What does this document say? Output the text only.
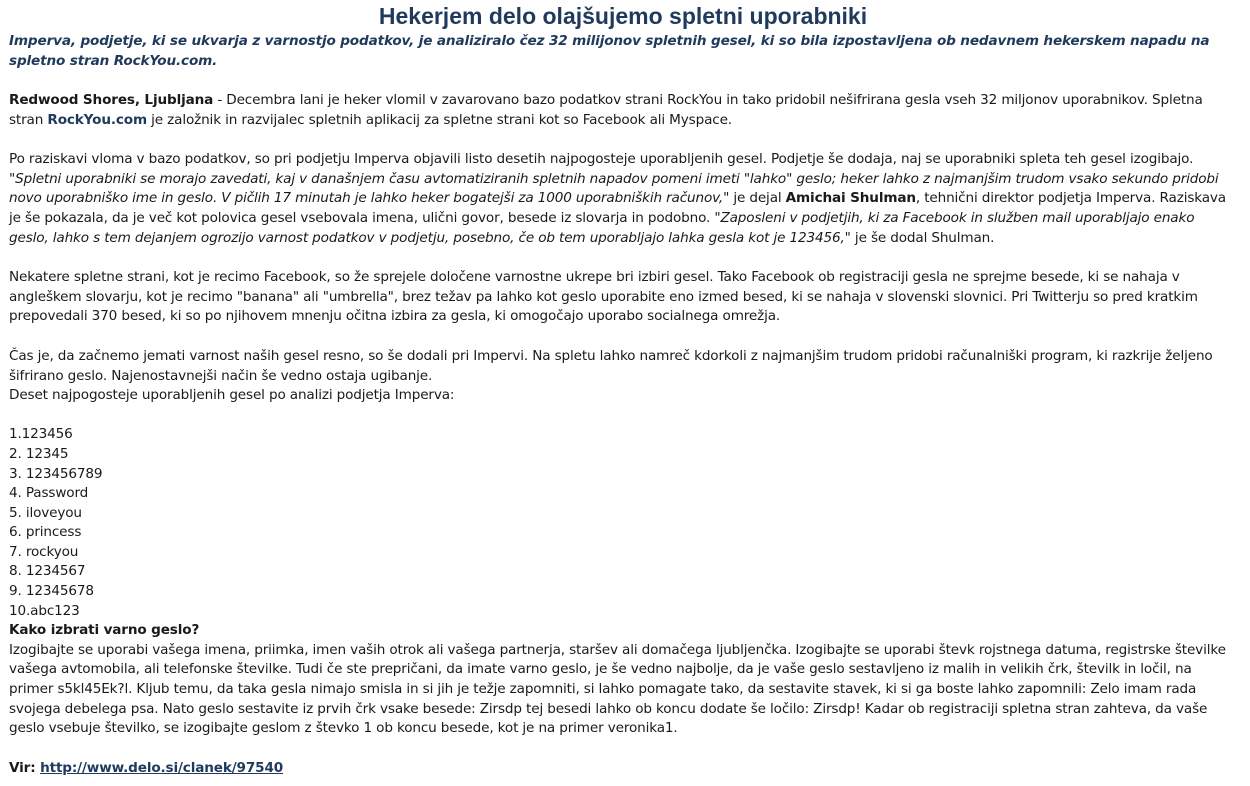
Hekerjem delo olajšujemo spletni uporabniki

Imperva, podjetje, ki se ukvarja z varnostjo podatkov, je analiziralo čez 32 milijonov spletnih gesel, ki so bila izpostavljena ob nedavnem hekerskem napadu na spletno stran RockYou.com.

Redwood Shores, Ljubljana - Decembra lani je heker vlomil v zavarovano bazo podatkov strani RockYou in tako pridobil nešifrirana gesla vseh 32 miljonov uporabnikov. Spletna stran RockYou.com je založnik in razvijalec spletnih aplikacij za spletne strani kot so Facebook ali Myspace.

Po raziskavi vloma v bazo podatkov, so pri podjetju Imperva objavili listo desetih najpogosteje uporabljenih gesel. Podjetje še dodaja, naj se uporabniki spleta teh gesel izogibajo. "Spletni uporabniki se morajo zavedati, kaj v današnjem času avtomatiziranih spletnih napadov pomeni imeti "lahko" geslo; heker lahko z najmanjšim trudom vsako sekundo pridobi novo uporabniško ime in geslo. V pičlih 17 minutah je lahko heker bogatejši za 1000 uporabniških računov," je dejal Amichai Shulman, tehnični direktor podjetja Imperva. Raziskava je še pokazala, da je več kot polovica gesel vsebovala imena, ulični govor, besede iz slovarja in podobno. "Zaposleni v podjetjih, ki za Facebook in služben mail uporabljajo enako geslo, lahko s tem dejanjem ogrozijo varnost podatkov v podjetju, posebno, če ob tem uporabljajo lahka gesla kot je 123456," je še dodal Shulman.

Nekatere spletne strani, kot je recimo Facebook, so že sprejele določene varnostne ukrepe bri izbiri gesel. Tako Facebook ob registraciji gesla ne sprejme besede, ki se nahaja v angleškem slovarju, kot je recimo "banana" ali "umbrella", brez težav pa lahko kot geslo uporabite eno izmed besed, ki se nahaja v slovenski slovnici. Pri Twitterju so pred kratkim prepovedali 370 besed, ki so po njihovem mnenju očitna izbira za gesla, ki omogočajo uporabo socialnega omrežja.

Čas je, da začnemo jemati varnost naših gesel resno, so še dodali pri Impervi. Na spletu lahko namreč kdorkoli z najmanjšim trudom pridobi računalniški program, ki razkrije željeno šifrirano geslo. Najenostavnejši način še vedno ostaja ugibanje.
Deset najpogosteje uporabljenih gesel po analizi podjetja Imperva:

1.123456
2. 12345
3. 123456789
4. Password
5. iloveyou
6. princess
7. rockyou
8. 1234567
9. 12345678
10.abc123

Kako izbrati varno geslo?

Izogibajte se uporabi vašega imena, priimka, imen vaših otrok ali vašega partnerja, staršev ali domačega ljubljenčka. Izogibajte se uporabi števk rojstnega datuma, registrske številke vašega avtomobila, ali telefonske številke. Tudi če ste prepričani, da imate varno geslo, je še vedno najbolje, da je vaše geslo sestavljeno iz malih in velikih črk, številk in ločil, na primer s5kl45Ek?l. Kljub temu, da taka gesla nimajo smisla in si jih je težje zapomniti, si lahko pomagate tako, da sestavite stavek, ki si ga boste lahko zapomnili: Zelo imam rada svojega debelega psa. Nato geslo sestavite iz prvih črk vsake besede: Zirsdp tej besedi lahko ob koncu dodate še ločilo: Zirsdp! Kadar ob registraciji spletna stran zahteva, da vaše geslo vsebuje številko, se izogibajte geslom z števko 1 ob koncu besede, kot je na primer veronika1.

Vir: http://www.delo.si/clanek/97540
